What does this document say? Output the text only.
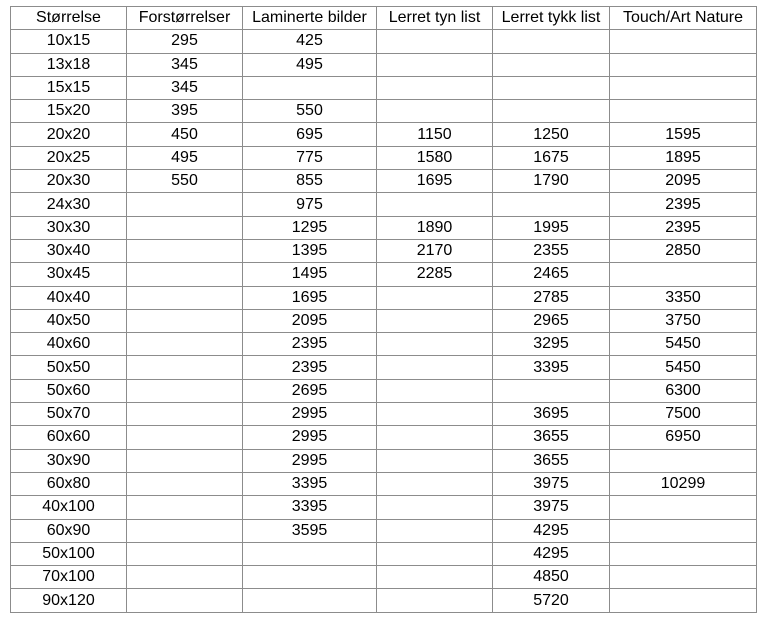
Størrelse	Forstørrelser	Laminerte bilder	Lerret tyn list	Lerret tykk list	Touch/Art Nature
10x15	295	425			
13x18	345	495			
15x15	345				
15x20	395	550			
20x20	450	695	1150	1250	1595
20x25	495	775	1580	1675	1895
20x30	550	855	1695	1790	2095
24x30		975			2395
30x30		1295	1890	1995	2395
30x40		1395	2170	2355	2850
30x45		1495	2285	2465	
40x40		1695		2785	3350
40x50		2095		2965	3750
40x60		2395		3295	5450
50x50		2395		3395	5450
50x60		2695			6300
50x70		2995		3695	7500
60x60		2995		3655	6950
30x90		2995		3655	
60x80		3395		3975	10299
40x100		3395		3975	
60x90		3595		4295	
50x100				4295	
70x100				4850	
90x120				5720	
